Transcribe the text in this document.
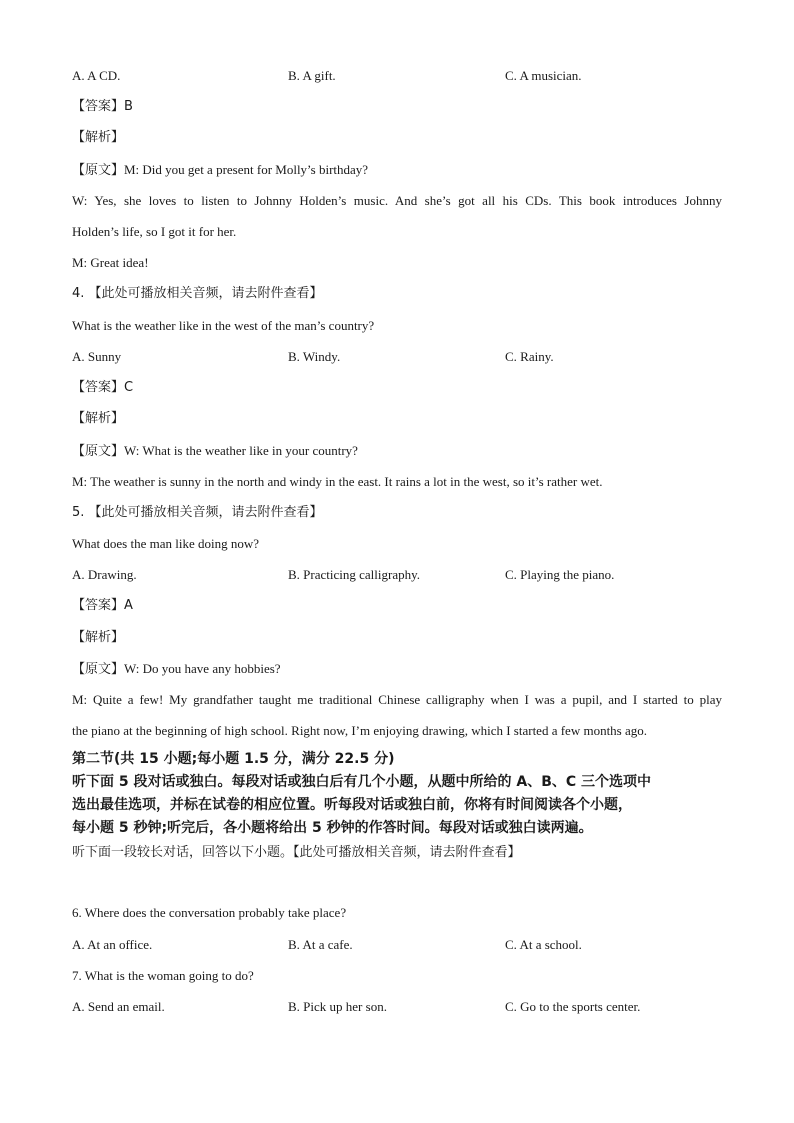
A. A CD.	B. A gift.	C. A musician.
【答案】B
【解析】
【原文】M: Did you get a present for Molly’s birthday?
W: Yes, she loves to listen to Johnny Holden’s music. And she’s got all his CDs. This book introduces Johnny
Holden’s life, so I got it for her.
M: Great idea!
4. 【此处可播放相关音频，请去附件查看】
What is the weather like in the west of the man’s country?
A. Sunny	B. Windy.	C. Rainy.
【答案】C
【解析】
【原文】W: What is the weather like in your country?
M: The weather is sunny in the north and windy in the east. It rains a lot in the west, so it’s rather wet.
5. 【此处可播放相关音频，请去附件查看】
What does the man like doing now?
A. Drawing.	B. Practicing calligraphy.	C. Playing the piano.
【答案】A
【解析】
【原文】W: Do you have any hobbies?
M: Quite a few! My grandfather taught me traditional Chinese calligraphy when I was a pupil, and I started to play
the piano at the beginning of high school. Right now, I’m enjoying drawing, which I started a few months ago.
第二节(共 15 小题;每小题 1.5 分，满分 22.5 分)
听下面 5 段对话或独白。每段对话或独白后有几个小题，从题中所给的 A、B、C 三个选项中
选出最佳选项，并标在试卷的相应位置。听每段对话或独白前，你将有时间阅读各个小题，
每小题 5 秒钟;听完后，各小题将给出 5 秒钟的作答时间。每段对话或独白读两遍。
听下面一段较长对话，回答以下小题。【此处可播放相关音频，请去附件查看】
6. Where does the conversation probably take place?
A. At an office.	B. At a cafe.	C. At a school.
7. What is the woman going to do?
A. Send an email.	B. Pick up her son.	C. Go to the sports center.
